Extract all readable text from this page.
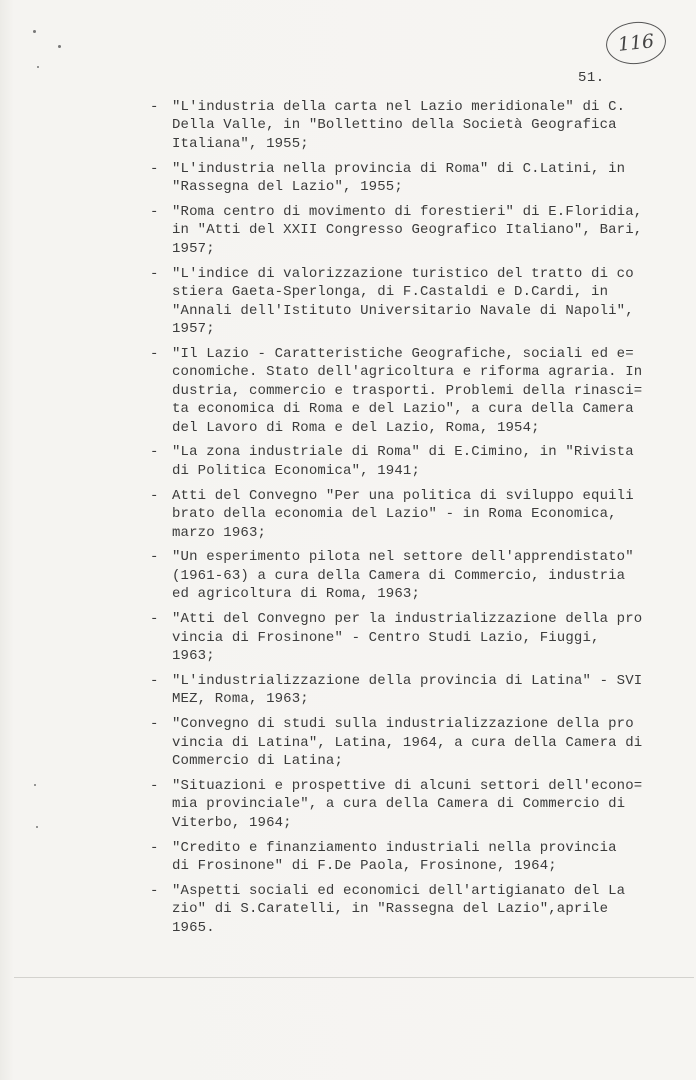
116
51.
- "L'industria della carta nel Lazio meridionale" di C.
Della Valle, in "Bollettino della Società Geografica
Italiana", 1955;
- "L'industria nella provincia di Roma" di C.Latini, in
"Rassegna del Lazio", 1955;
- "Roma centro di movimento di forestieri" di E.Floridia,
in "Atti del XXII Congresso Geografico Italiano", Bari,
1957;
- "L'indice di valorizzazione turistico del tratto di co
stiera Gaeta-Sperlonga, di F.Castaldi e D.Cardi, in
"Annali dell'Istituto Universitario Navale di Napoli",
1957;
- "Il Lazio - Caratteristiche Geografiche, sociali ed e=
conomiche. Stato dell'agricoltura e riforma agraria. In
dustria, commercio e trasporti. Problemi della rinasci=
ta economica di Roma e del Lazio", a cura della Camera
del Lavoro di Roma e del Lazio, Roma, 1954;
- "La zona industriale di Roma" di E.Cimino, in "Rivista
di Politica Economica", 1941;
- Atti del Convegno "Per una politica di sviluppo equili
brato della economia del Lazio" - in Roma Economica,
marzo 1963;
- "Un esperimento pilota nel settore dell'apprendistato"
(1961-63) a cura della Camera di Commercio, industria
ed agricoltura di Roma, 1963;
- "Atti del Convegno per la industrializzazione della pro
vincia di Frosinone" - Centro Studi Lazio, Fiuggi, 1963;
- "L'industrializzazione della provincia di Latina" - SVI
MEZ, Roma, 1963;
- "Convegno di studi sulla industrializzazione della pro
vincia di Latina", Latina, 1964, a cura della Camera di
Commercio di Latina;
- "Situazioni e prospettive di alcuni settori dell'econo=
mia provinciale", a cura della Camera di Commercio di
Viterbo, 1964;
- "Credito e finanziamento industriali nella provincia
di Frosinone" di F.De Paola, Frosinone, 1964;
- "Aspetti sociali ed economici dell'artigianato del La
zio" di S.Caratelli, in "Rassegna del Lazio",aprile
1965.
